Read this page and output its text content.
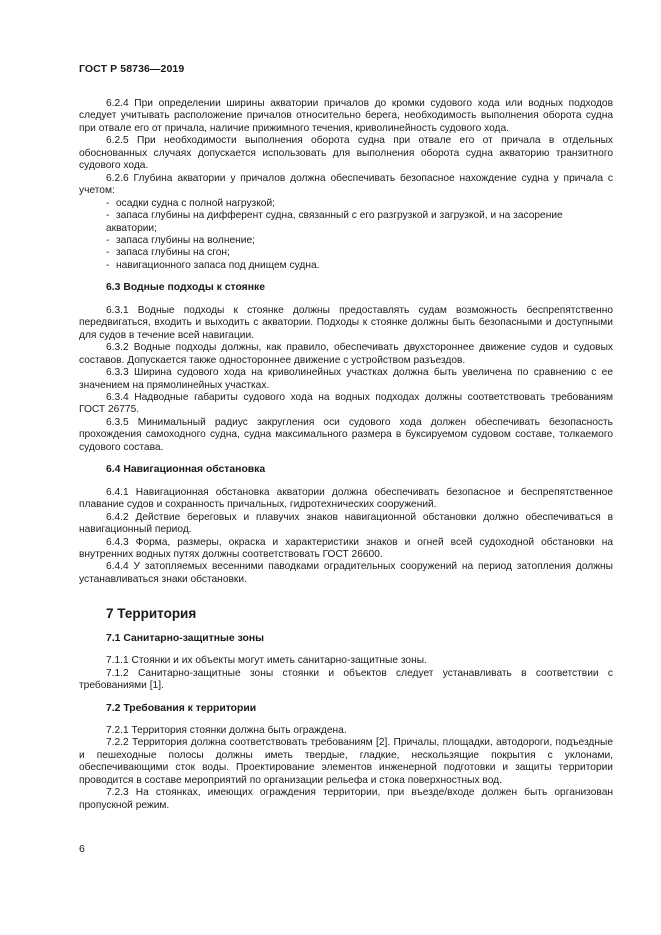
ГОСТ Р 58736—2019

6.2.4 При определении ширины акватории причалов до кромки судового хода или водных подходов следует учитывать расположение причалов относительно берега, необходимость выполнения оборота судна при отвале его от причала, наличие прижимного течения, криволинейность судового хода.

6.2.5 При необходимости выполнения оборота судна при отвале его от причала в отдельных обоснованных случаях допускается использовать для выполнения оборота судна акваторию транзитного судового хода.

6.2.6 Глубина акватории у причалов должна обеспечивать безопасное нахождение судна у причала с учетом:

- осадки судна с полной нагрузкой;

- запаса глубины на дифферент судна, связанный с его разгрузкой и загрузкой, и на засорение акватории;

- запаса глубины на волнение;

- запаса глубины на сгон;

- навигационного запаса под днищем судна.

6.3 Водные подходы к стоянке

6.3.1 Водные подходы к стоянке должны предоставлять судам возможность беспрепятственно передвигаться, входить и выходить с акватории. Подходы к стоянке должны быть безопасными и доступными для судов в течение всей навигации.

6.3.2 Водные подходы должны, как правило, обеспечивать двухстороннее движение судов и судовых составов. Допускается также одностороннее движение с устройством разъездов.

6.3.3 Ширина судового хода на криволинейных участках должна быть увеличена по сравнению с ее значением на прямолинейных участках.

6.3.4 Надводные габариты судового хода на водных подходах должны соответствовать требованиям ГОСТ 26775.

6.3.5 Минимальный радиус закругления оси судового хода должен обеспечивать безопасность прохождения самоходного судна, судна максимального размера в буксируемом судовом составе, толкаемого судового состава.

6.4 Навигационная обстановка

6.4.1 Навигационная обстановка акватории должна обеспечивать безопасное и беспрепятственное плавание судов и сохранность причальных, гидротехнических сооружений.

6.4.2 Действие береговых и плавучих знаков навигационной обстановки должно обеспечиваться в навигационный период.

6.4.3 Форма, размеры, окраска и характеристики знаков и огней всей судоходной обстановки на внутренних водных путях должны соответствовать ГОСТ 26600.

6.4.4 У затопляемых весенними паводками оградительных сооружений на период затопления должны устанавливаться знаки обстановки.

7 Территория
7.1 Санитарно-защитные зоны

7.1.1 Стоянки и их объекты могут иметь санитарно-защитные зоны.

7.1.2 Санитарно-защитные зоны стоянки и объектов следует устанавливать в соответствии с требованиями [1].

7.2 Требования к территории

7.2.1 Территория стоянки должна быть ограждена.

7.2.2 Территория должна соответствовать требованиям [2]. Причалы, площадки, автодороги, подъездные и пешеходные полосы должны иметь твердые, гладкие, нескользящие покрытия с уклонами, обеспечивающими сток воды. Проектирование элементов инженерной подготовки и защиты территории проводится в составе мероприятий по организации рельефа и стока поверхностных вод.

7.2.3 На стоянках, имеющих ограждения территории, при въезде/входе должен быть организован пропускной режим.

6
